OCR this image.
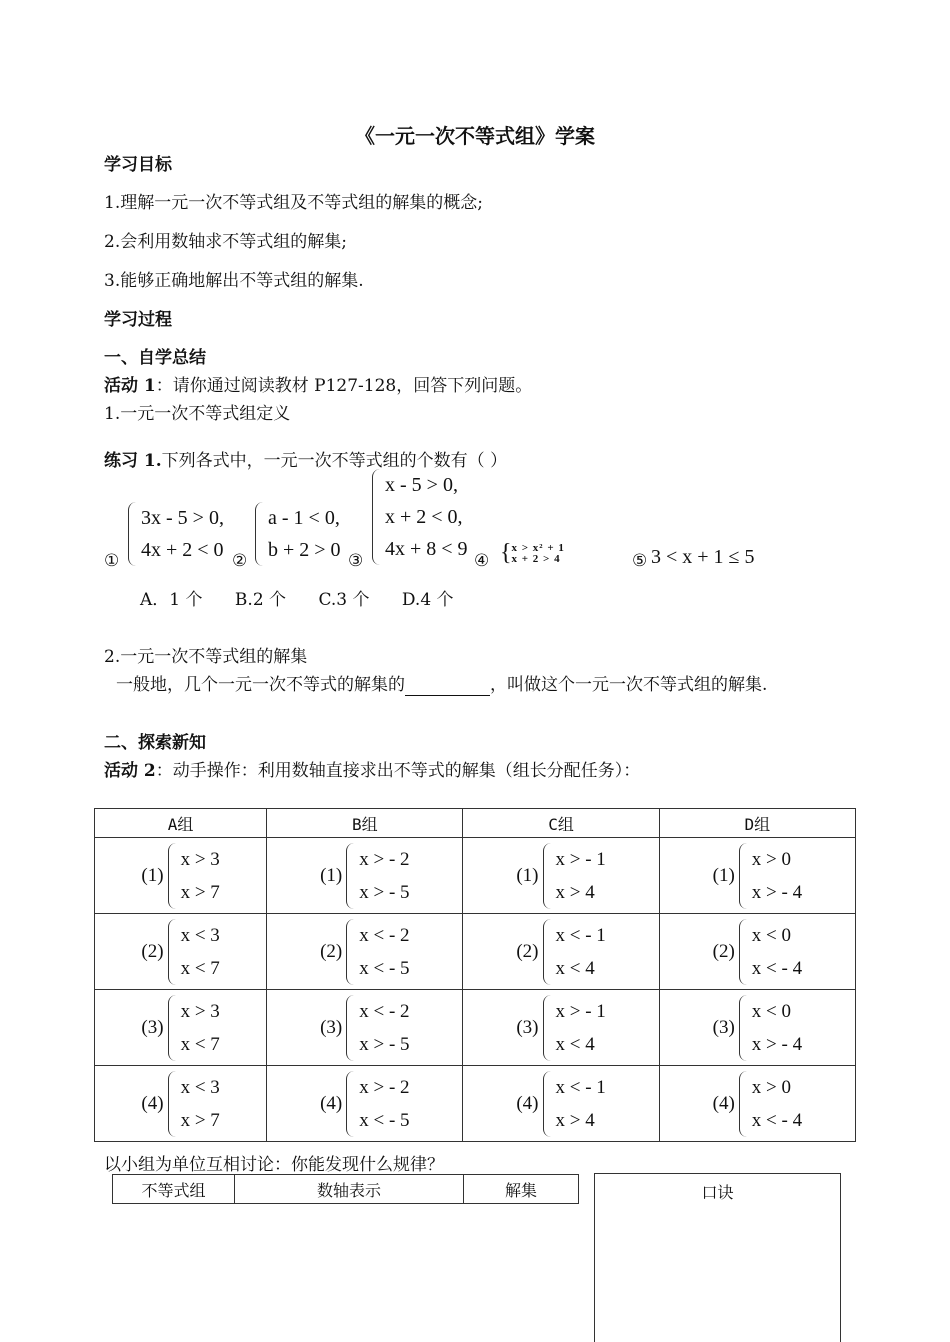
《一元一次不等式组》学案
学习目标
1.理解一元一次不等式组及不等式组的解集的概念;
2.会利用数轴求不等式组的解集;
3.能够正确地解出不等式组的解集.
学习过程
一、自学总结
活动 1：请你通过阅读教材 P127-128，回答下列问题。
1.一元一次不等式组定义
练习 1.下列各式中，一元一次不等式组的个数有（ ）
①
3x - 5 > 0,
4x + 2 < 0 ②
a - 1 < 0,
b + 2 > 0 ③
x - 5 > 0,
x + 2 < 0,
4x + 8 < 9
④ { x > x² + 1
x + 2 > 4	⑤ 3 < x + 1 ≤ 5
A．1 个      B.2 个      C.3 个      D.4 个
2.一元一次不等式组的解集
一般地，几个一元一次不等式的解集的	，叫做这个一元一次不等式组的解集.
二、探索新知
活动 2：动手操作：利用数轴直接求出不等式的解集（组长分配任务）：
A组	B组	C组	D组

(1)
x > 3
x > 7	(1)
x > - 2
x > - 5	(1)
x > - 1
x > 4	(1)
x > 0
x > - 4

(2)
x < 3
x < 7	(2)
x < - 2
x < - 5	(2)
x < - 1
x < 4	(2)
x < 0
x < - 4

(3)
x > 3
x < 7	(3)
x < - 2
x > - 5	(3)
x > - 1
x < 4	(3)
x < 0
x > - 4

(4)
x < 3
x > 7	(4)
x > - 2
x < - 5	(4)
x < - 1
x > 4	(4)
x > 0
x < - 4
以小组为单位互相讨论：你能发现什么规律？
不等式组	数轴表示	解集	口诀
